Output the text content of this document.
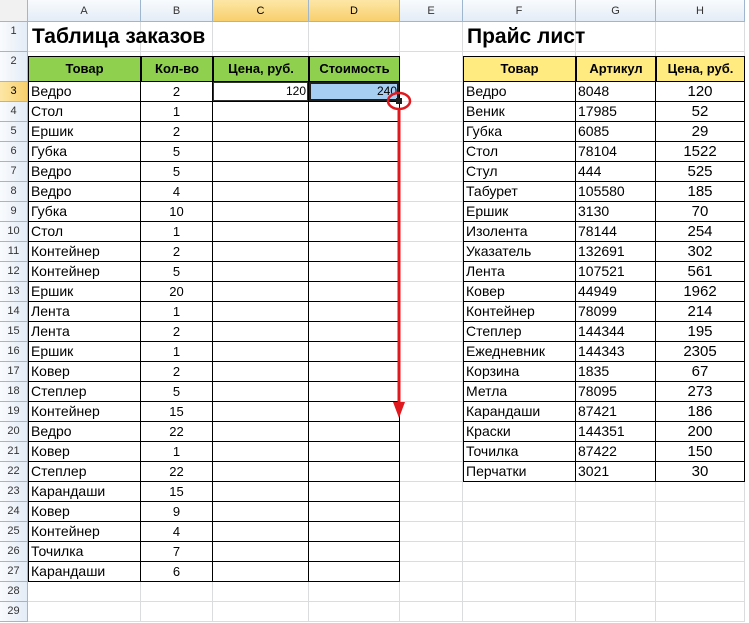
A	B	C	D	E	F	G	H
1
2
3
4
5
6
7
8
9
10
11
12
13
14
15
16
17
18
19
20
21
22
23
24
25
26
27
28
29
Таблица заказов
Товар	Кол-во	Цена, руб.	Стоимость
Ведро	2	120	240
Стол	1
Ершик	2
Губка	5
Ведро	5
Ведро	4
Губка	10
Стол	1
Контейнер	2
Контейнер	5
Ершик	20
Лента	1
Лента	2
Ершик	1
Ковер	2
Степлер	5
Контейнер	15
Ведро	22
Ковер	1
Степлер	22
Карандаши	15
Ковер	9
Контейнер	4
Точилка	7
Карандаши	6
Прайс лист
Товар	Артикул	Цена, руб.
Ведро	8048	120
Веник	17985	52
Губка	6085	29
Стол	78104	1522
Стул	444	525
Табурет	105580	185
Ершик	3130	70
Изолента	78144	254
Указатель	132691	302
Лента	107521	561
Ковер	44949	1962
Контейнер	78099	214
Степлер	144344	195
Ежедневник	144343	2305
Корзина	1835	67
Метла	78095	273
Карандаши	87421	186
Краски	144351	200
Точилка	87422	150
Перчатки	3021	30
